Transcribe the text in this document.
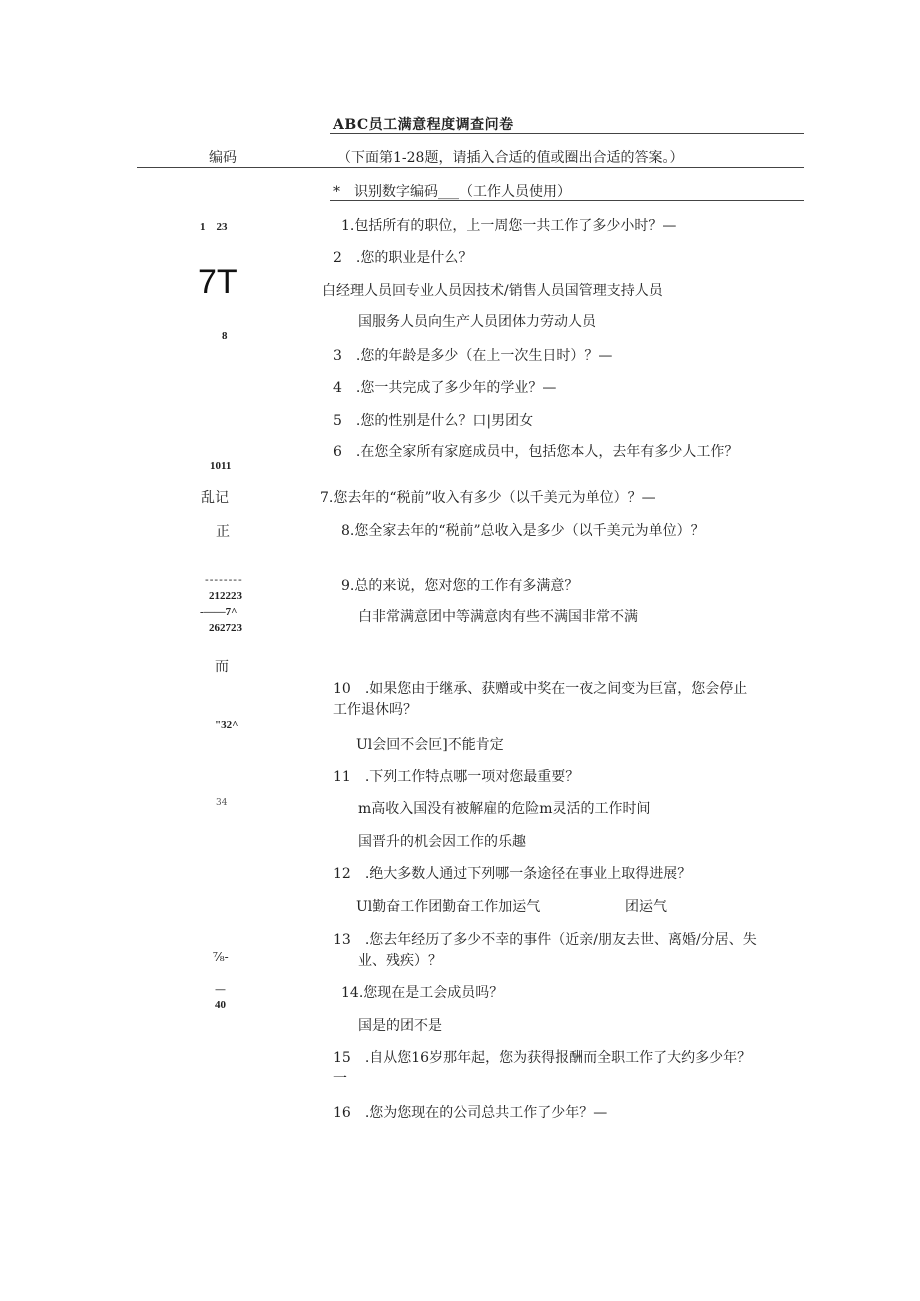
ABC员工满意程度调查问卷
编码	（下面第1-28题，请插入合适的值或圈出合适的答案。）
*　识别数字编码___（工作人员使用）
1　23
7T
8
1011
乱记
正
--------
212223
-——7^
262723
而
"32^
34
⅞-
—
40
1.包括所有的职位，上一周您一共工作了多少小时？—
2　.您的职业是什么？
白经理人员回专业人员因技术/销售人员国管理支持人员
国服务人员向生产人员团体力劳动人员
3　.您的年龄是多少（在上一次生日时）？—
4　.您一共完成了多少年的学业？—
5　.您的性别是什么？口|男团女
6　.在您全家所有家庭成员中，包括您本人，去年有多少人工作？
7.您去年的“税前”收入有多少（以千美元为单位）？—
8.您全家去年的“税前”总收入是多少（以千美元为单位）？
9.总的来说，您对您的工作有多满意？
白非常满意团中等满意肉有些不满国非常不满
10　.如果您由于继承、获赠或中奖在一夜之间变为巨富，您会停止
工作退休吗？
Ul会回不会叵]不能肯定
11　.下列工作特点哪一项对您最重要？
m高收入国没有被解雇的危险m灵活的工作时间
国晋升的机会因工作的乐趣
12　.绝大多数人通过下列哪一条途径在事业上取得进展？
Ul勤奋工作团勤奋工作加运气	团运气
13　.您去年经历了多少不幸的事件（近亲/朋友去世、离婚/分居、失
业、残疾）？
14.您现在是工会成员吗？
国是的团不是
15　.自从您16岁那年起，您为获得报酬而全职工作了大约多少年？
一
16　.您为您现在的公司总共工作了少年？—
